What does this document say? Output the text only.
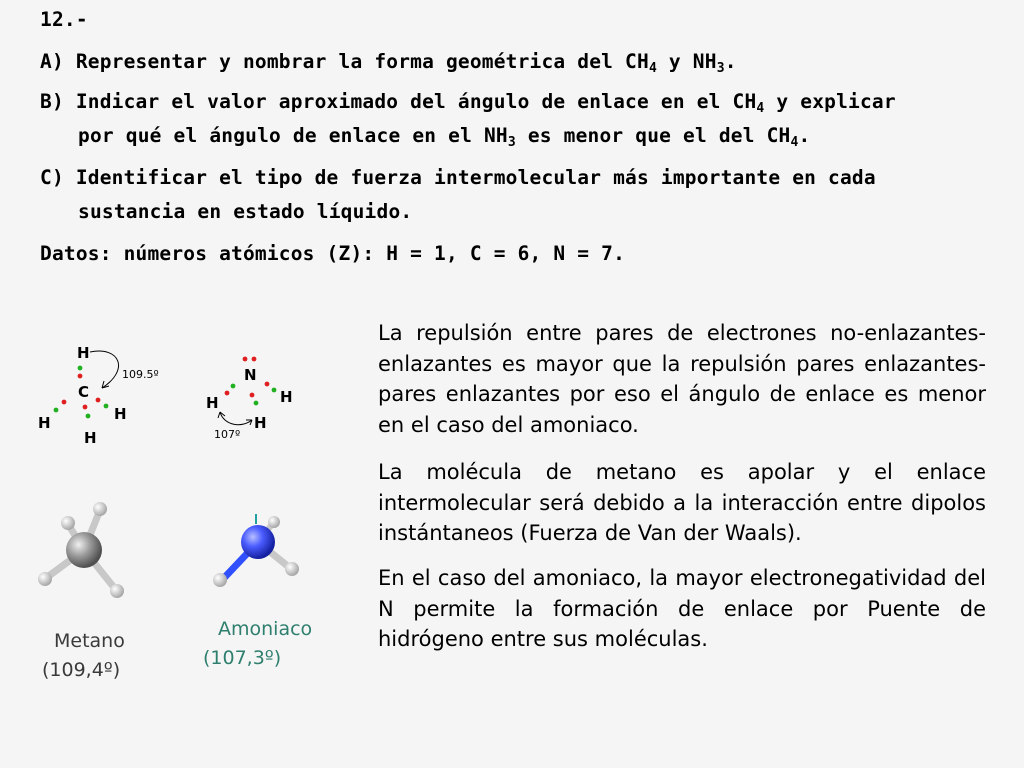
12.-
A) Representar y nombrar la forma geométrica del $CH_4$ y $NH_3$.
B) Indicar el valor aproximado del ángulo de enlace en el $CH_4$ y explicar
por qué el ángulo de enlace en el $NH_3$ es menor que el del $CH_4$.
C) Identificar el tipo de fuerza intermolecular más importante en cada
sustancia en estado líquido.
Datos: números atómicos (Z): H = 1, C = 6, N = 7.
H
C
H	H
H
109.5º	N
H	H
H
107º
Metano
(109,4º)
Amoniaco
(107,3º)
La repulsión entre pares de electrones no-enlazantes-enlazantes es mayor que la repulsión pares enlazantes-pares enlazantes por eso el ángulo de enlace es menor en el caso del amoniaco.
La molécula de metano es apolar y el enlace intermolecular será debido a la interacción entre dipolos instántaneos (Fuerza de Van der Waals).
En el caso del amoniaco, la mayor electronegatividad del N permite la formación de enlace por Puente de hidrógeno entre sus moléculas.
